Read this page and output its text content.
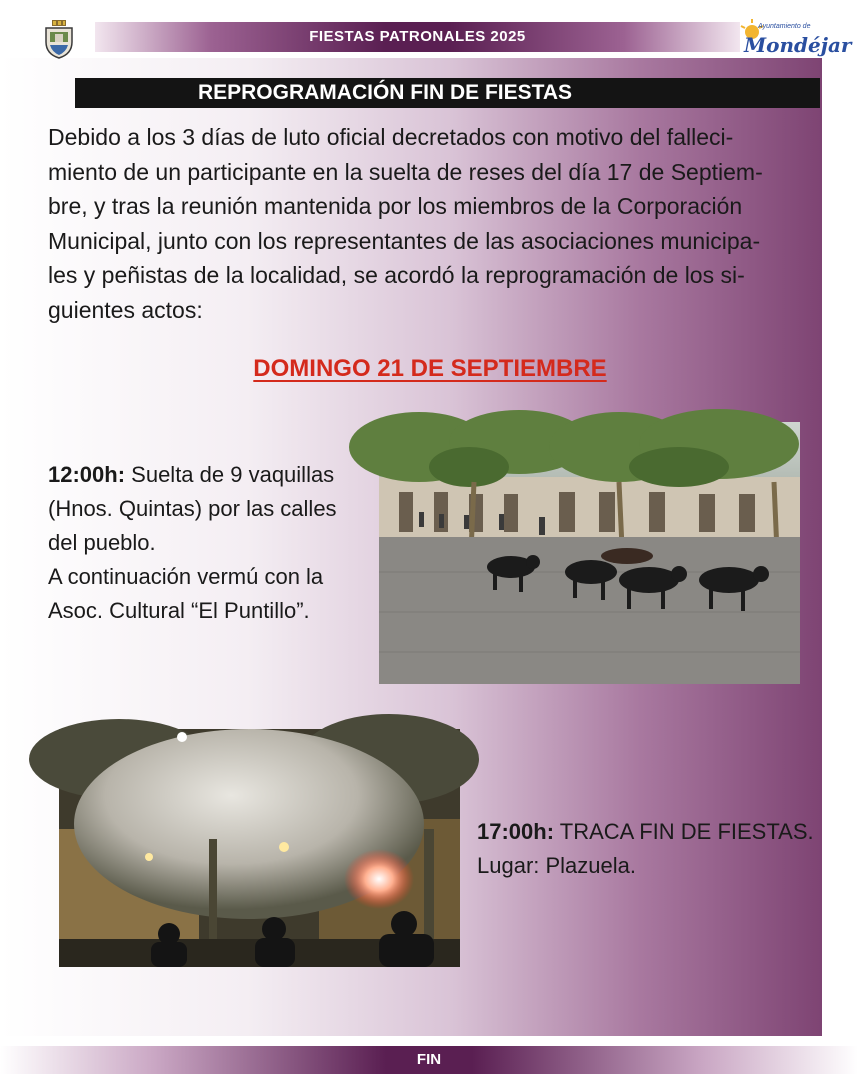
FIESTAS PATRONALES 2025
Ayuntamiento de
Mondéjar
REPROGRAMACIÓN FIN DE FIESTAS
Debido a los 3 días de luto oficial decretados con motivo del falleci-
miento de un participante en la suelta de reses del día 17 de Septiem-
bre, y tras la reunión mantenida por los miembros de la Corporación
Municipal, junto con los representantes de las asociaciones municipa-
les y peñistas de la localidad, se acordó la reprogramación de los si-
guientes actos:
DOMINGO 21 DE SEPTIEMBRE
12:00h: Suelta de 9 vaquillas
(Hnos. Quintas) por las calles
del pueblo.
A continuación vermú con la
Asoc. Cultural “El Puntillo”.
17:00h: TRACA FIN DE FIESTAS.
Lugar: Plazuela.
FIN
